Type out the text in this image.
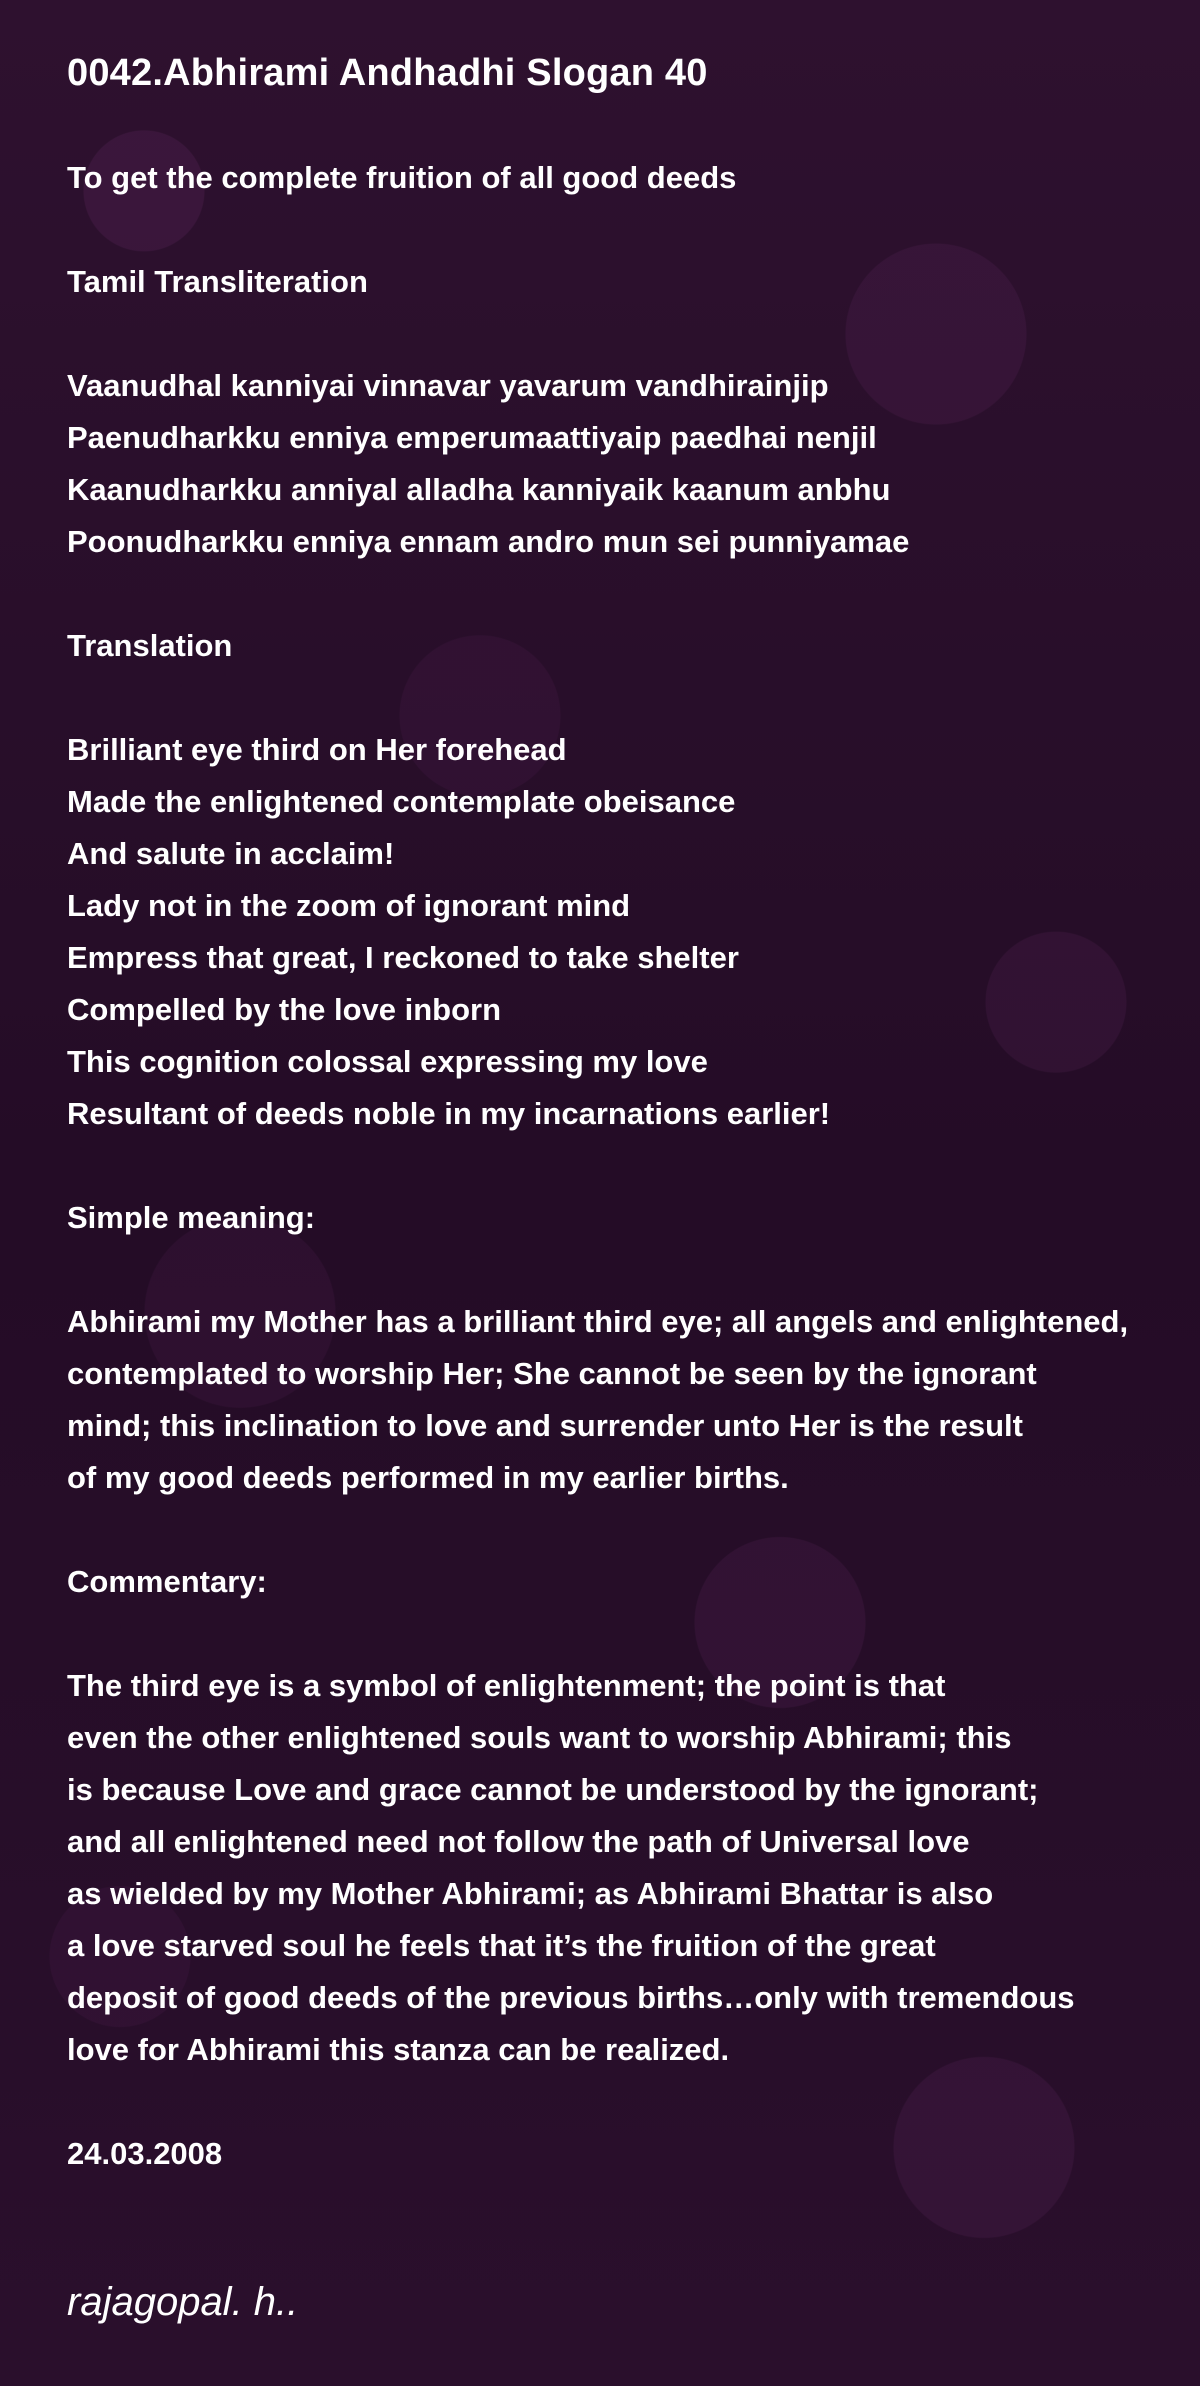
0042.Abhirami Andhadhi Slogan 40
To get the complete fruition of all good deeds
Tamil Transliteration
Vaanudhal kanniyai vinnavar yavarum vandhirainjip
Paenudharkku enniya emperumaattiyaip paedhai nenjil
Kaanudharkku anniyal alladha kanniyaik kaanum anbhu
Poonudharkku enniya ennam andro mun sei punniyamae
Translation
Brilliant eye third on Her forehead
Made the enlightened contemplate obeisance
And salute in acclaim!
Lady not in the zoom of ignorant mind
Empress that great, I reckoned to take shelter
Compelled by the love inborn
This cognition colossal expressing my love
Resultant of deeds noble in my incarnations earlier!
Simple meaning:
Abhirami my Mother has a brilliant third eye; all angels and enlightened,
contemplated to worship Her; She cannot be seen by the ignorant
mind; this inclination to love and surrender unto Her is the result
of my good deeds performed in my earlier births.
Commentary:
The third eye is a symbol of enlightenment; the point is that
even the other enlightened souls want to worship Abhirami; this
is because Love and grace cannot be understood by the ignorant;
and all enlightened need not follow the path of Universal love
as wielded by my Mother Abhirami; as Abhirami Bhattar is also
a love starved soul he feels that it’s the fruition of the great
deposit of good deeds of the previous births…only with tremendous
love for Abhirami this stanza can be realized.
24.03.2008
rajagopal. h..
